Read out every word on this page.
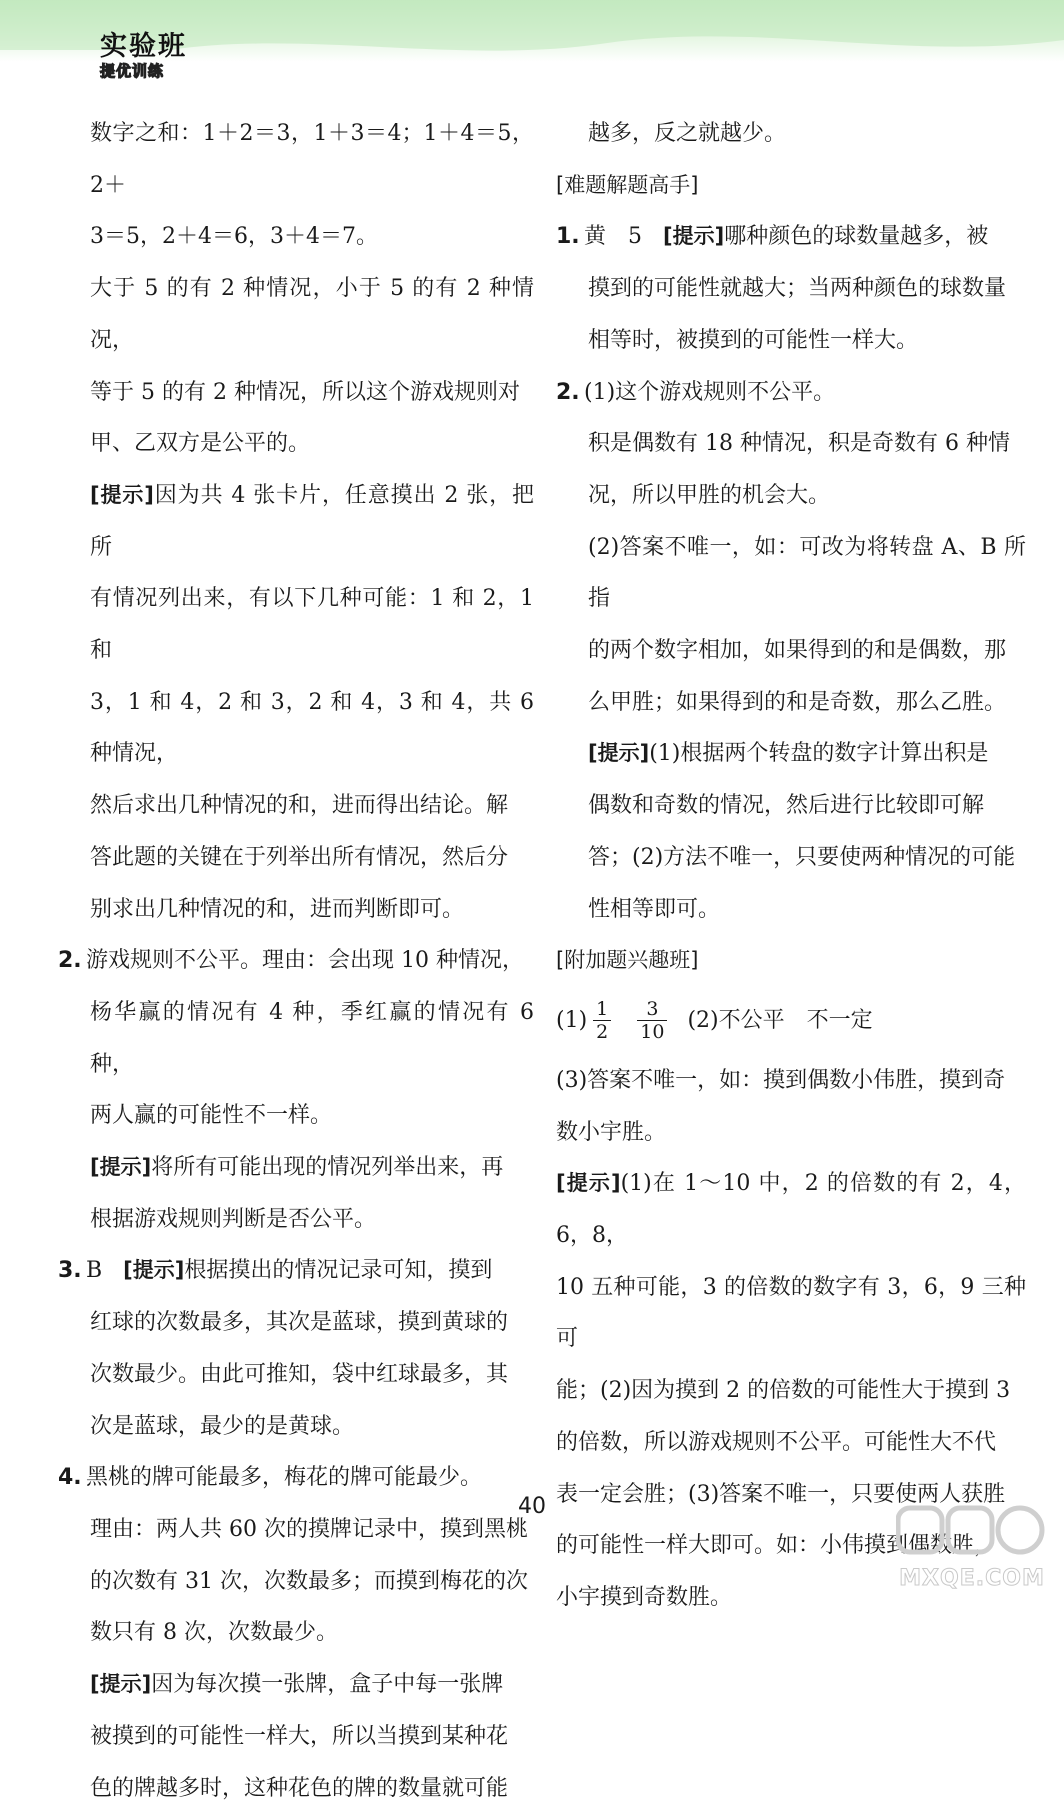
实验班
提优训练

数字之和：1＋2＝3，1＋3＝4；1＋4＝5，2＋

3＝5，2＋4＝6，3＋4＝7。

大于 5 的有 2 种情况，小于 5 的有 2 种情况，

等于 5 的有 2 种情况，所以这个游戏规则对

甲、乙双方是公平的。

[提示]因为共 4 张卡片，任意摸出 2 张，把所

有情况列出来，有以下几种可能：1 和 2，1 和

3，1 和 4，2 和 3，2 和 4，3 和 4，共 6 种情况，

然后求出几种情况的和，进而得出结论。解

答此题的关键在于列举出所有情况，然后分

别求出几种情况的和，进而判断即可。

2. 游戏规则不公平。理由：会出现 10 种情况，

杨华赢的情况有 4 种，季红赢的情况有 6 种，

两人赢的可能性不一样。

[提示]将所有可能出现的情况列举出来，再

根据游戏规则判断是否公平。

3. B [提示]根据摸出的情况记录可知，摸到

红球的次数最多，其次是蓝球，摸到黄球的

次数最少。由此可推知，袋中红球最多，其

次是蓝球，最少的是黄球。

4. 黑桃的牌可能最多，梅花的牌可能最少。

理由：两人共 60 次的摸牌记录中，摸到黑桃

的次数有 31 次，次数最多；而摸到梅花的次

数只有 8 次，次数最少。

[提示]因为每次摸一张牌，盒子中每一张牌

被摸到的可能性一样大，所以当摸到某种花

色的牌越多时，这种花色的牌的数量就可能

越多，反之就越少。

[难题解题高手]

1. 黄　5 [提示]哪种颜色的球数量越多，被

摸到的可能性就越大；当两种颜色的球数量

相等时，被摸到的可能性一样大。

2. (1)这个游戏规则不公平。

积是偶数有 18 种情况，积是奇数有 6 种情

况，所以甲胜的机会大。

(2)答案不唯一，如：可改为将转盘 A、B 所指

的两个数字相加，如果得到的和是偶数，那

么甲胜；如果得到的和是奇数，那么乙胜。

[提示](1)根据两个转盘的数字计算出积是

偶数和奇数的情况，然后进行比较即可解

答；(2)方法不唯一，只要使两种情况的可能

性相等即可。

[附加题兴趣班]

$(1) \frac{1}{2}$
$\frac{3}{10} (2)$不公平　不一定

(3)答案不唯一，如：摸到偶数小伟胜，摸到奇

数小宇胜。

[提示](1)在 1～10 中，2 的倍数的有 2，4，6，8，

10 五种可能，3 的倍数的数字有 3，6，9 三种可

能；(2)因为摸到 2 的倍数的可能性大于摸到 3

的倍数，所以游戏规则不公平。可能性大不代

表一定会胜；(3)答案不唯一，只要使两人获胜

的可能性一样大即可。如：小伟摸到偶数胜，

小宇摸到奇数胜。

40
MXQE.COM
